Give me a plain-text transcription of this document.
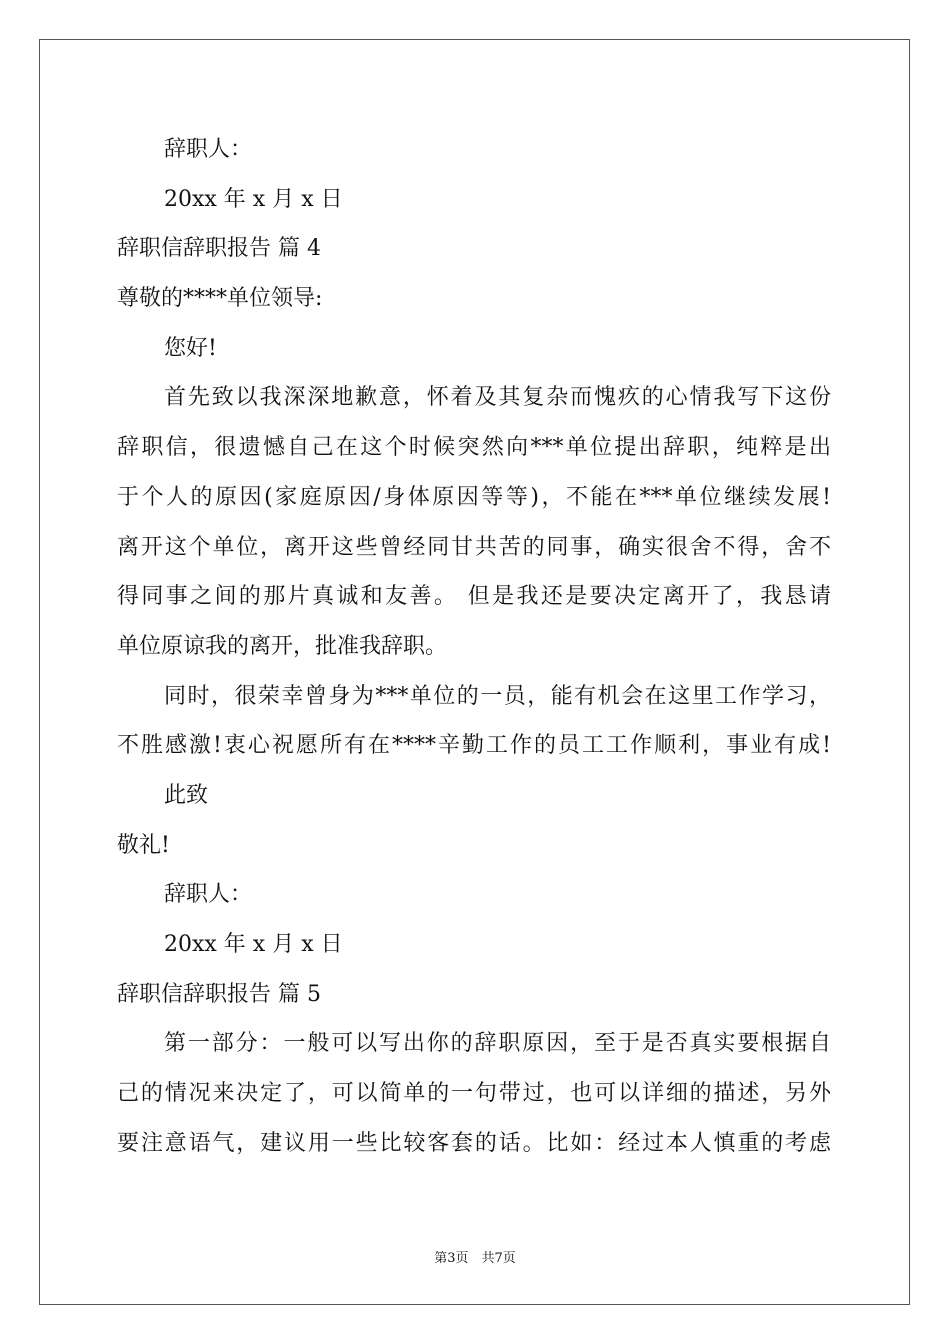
辞职人：
20xx 年 x 月 x 日
辞职信辞职报告 篇 4
尊敬的****单位领导:
您好!
首先致以我深深地歉意，怀着及其复杂而愧疚的心情我写下这份
辞职信，很遗憾自己在这个时候突然向***单位提出辞职，纯粹是出
于个人的原因(家庭原因/身体原因等等)，不能在***单位继续发展!
离开这个单位，离开这些曾经同甘共苦的同事，确实很舍不得，舍不
得同事之间的那片真诚和友善。 但是我还是要决定离开了，我恳请
单位原谅我的离开，批准我辞职。
同时，很荣幸曾身为***单位的一员，能有机会在这里工作学习，
不胜感激!衷心祝愿所有在****辛勤工作的员工工作顺利，事业有成!
此致
敬礼!
辞职人：
20xx 年 x 月 x 日
辞职信辞职报告 篇 5
第一部分：一般可以写出你的辞职原因，至于是否真实要根据自
己的情况来决定了，可以简单的一句带过，也可以详细的描述，另外
要注意语气，建议用一些比较客套的话。比如：经过本人慎重的考虑
第3页　共7页
